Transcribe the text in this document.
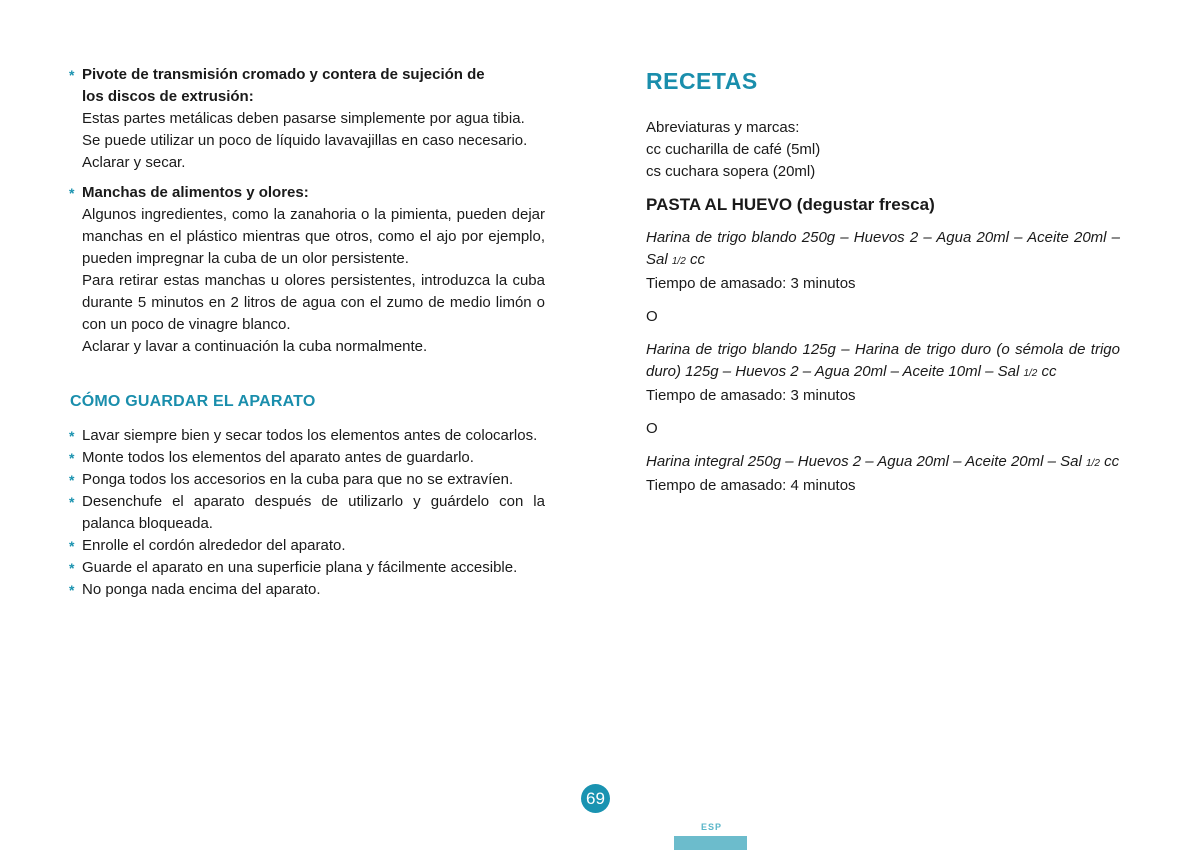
* Pivote de transmisión cromado y contera de sujeción de
los discos de extrusión:
Estas partes metálicas deben pasarse simplemente por agua tibia.
Se puede utilizar un poco de líquido lavavajillas en caso necesario.
Aclarar y secar.
* Manchas de alimentos y olores:
Algunos ingredientes, como la zanahoria o la pimienta, pueden dejar manchas en el plástico mientras que otros, como el ajo por ejemplo, pueden impregnar la cuba de un olor persistente.
Para retirar estas manchas u olores persistentes, introduzca la cuba durante 5 minutos en 2 litros de agua con el zumo de medio limón o con un poco de vinagre blanco.
Aclarar y lavar a continuación la cuba normalmente.
CÓMO GUARDAR EL APARATO
* Lavar siempre bien y secar todos los elementos antes de colocarlos.
* Monte todos los elementos del aparato antes de guardarlo.
* Ponga todos los accesorios en la cuba para que no se extravíen.
* Desenchufe el aparato después de utilizarlo y guárdelo con la palanca bloqueada.
* Enrolle el cordón alrededor del aparato.
* Guarde el aparato en una superficie plana y fácilmente accesible.
* No ponga nada encima del aparato.
RECETAS
Abreviaturas y marcas:
cc cucharilla de café (5ml)
cs cuchara sopera (20ml)
PASTA AL HUEVO (degustar fresca)
Harina de trigo blando 250g – Huevos 2 – Agua 20ml – Aceite 20ml – Sal 1/2 cc
Tiempo de amasado: 3 minutos
O
Harina de trigo blando 125g – Harina de trigo duro (o sémola de trigo duro) 125g – Huevos 2 – Agua 20ml – Aceite 10ml – Sal 1/2 cc
Tiempo de amasado: 3 minutos
O
Harina integral 250g – Huevos 2 – Agua 20ml – Aceite 20ml – Sal 1/2 cc
Tiempo de amasado: 4 minutos
69
ESP
